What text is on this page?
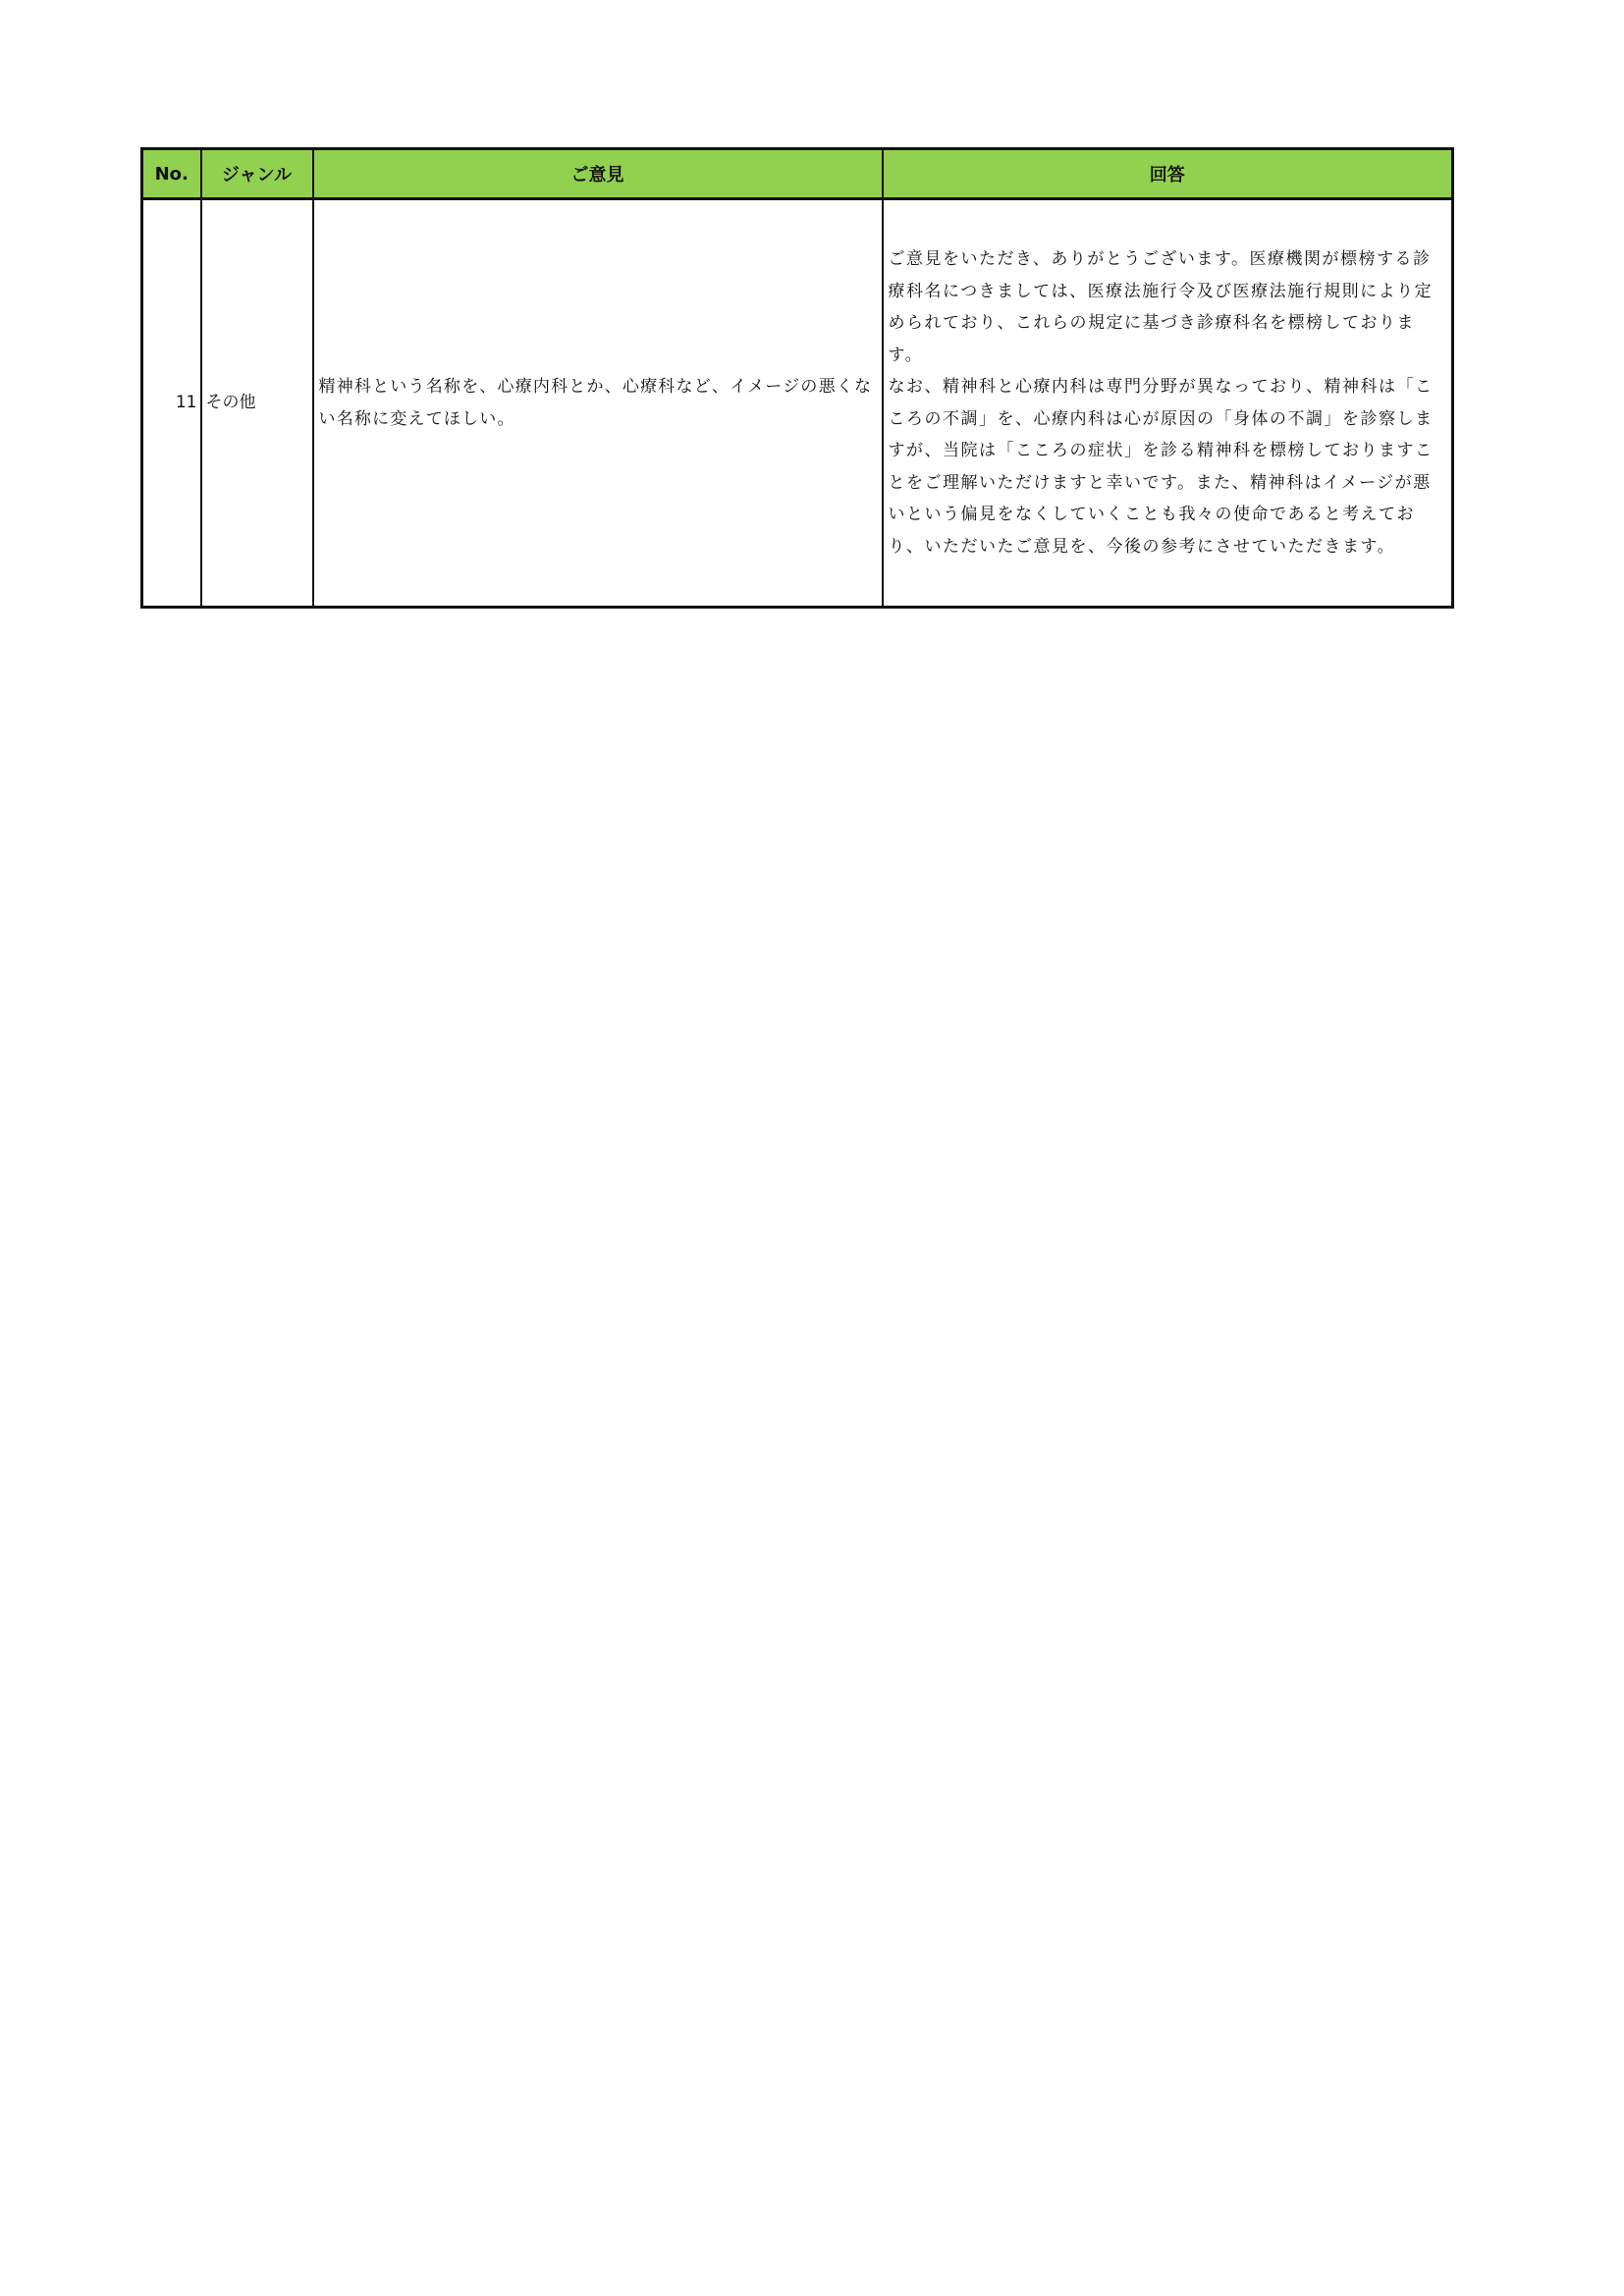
No.	ジャンル	ご意見	回答
11	その他	精神科という名称を、心療内科とか、心療科など、イメージの悪くない名称に変えてほしい。	ご意見をいただき、ありがとうございます。医療機関が標榜する診療科名につきましては、医療法施行令及び医療法施行規則により定められており、これらの規定に基づき診療科名を標榜しております。
なお、精神科と心療内科は専門分野が異なっており、精神科は「こころの不調」を、心療内科は心が原因の「身体の不調」を診察しますが、当院は「こころの症状」を診る精神科を標榜しておりますことをご理解いただけますと幸いです。また、精神科はイメージが悪いという偏見をなくしていくことも我々の使命であると考えており、いただいたご意見を、今後の参考にさせていただきます。
